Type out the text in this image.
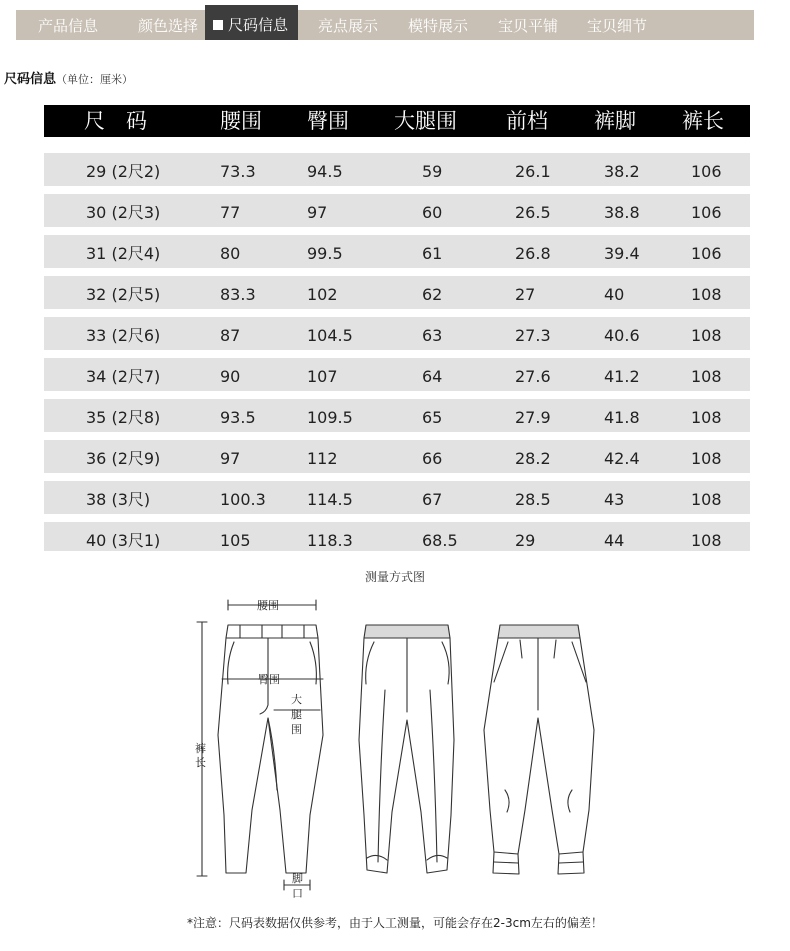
产品信息	颜色选择	尺码信息	亮点展示 模特展示 宝贝平铺 宝贝细节
尺码信息（单位：厘米）
尺　码	腰围 臀围 大腿围 前档 裤脚 裤长
29 (2尺2)	73.3	94.5	59	26.1	38.2	106
30 (2尺3)	77	97	60	26.5	38.8	106
31 (2尺4)	80	99.5	61	26.8	39.4	106
32 (2尺5)	83.3	102	62	27	40	108
33 (2尺6)	87	104.5	63	27.3	40.6	108
34 (2尺7)	90	107	64	27.6	41.2	108
35 (2尺8)	93.5	109.5	65	27.9	41.8	108
36 (2尺9)	97	112	66	28.2	42.4	108
38 (3尺)	100.3	114.5	67	28.5	43	108
40 (3尺1)	105	118.3	68.5	29	44	108
测量方式图
腰围
臀围
大
腿
围
裤
长
脚
口
*注意：尺码表数据仅供参考，由于人工测量，可能会存在2-3cm左右的偏差！
